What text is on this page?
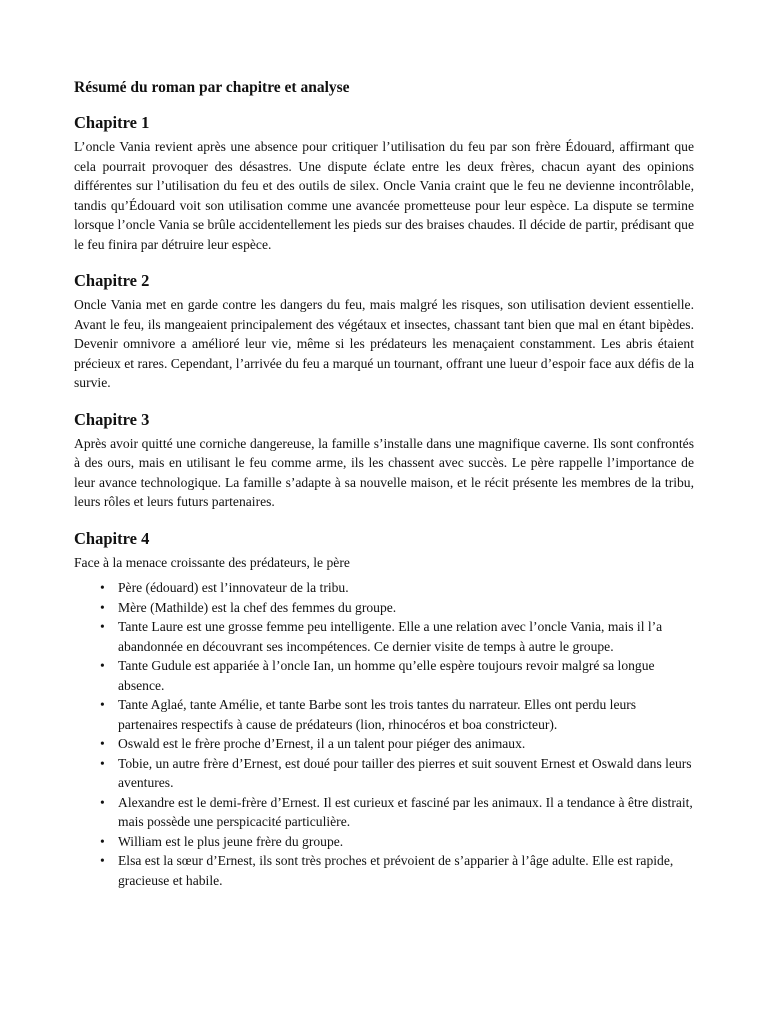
Résumé du roman par chapitre et analyse
Chapitre 1

L’oncle Vania revient après une absence pour critiquer l’utilisation du feu par son frère Édouard, affirmant que cela pourrait provoquer des désastres. Une dispute éclate entre les deux frères, chacun ayant des opinions différentes sur l’utilisation du feu et des outils de silex. Oncle Vania craint que le feu ne devienne incontrôlable, tandis qu’Édouard voit son utilisation comme une avancée prometteuse pour leur espèce. La dispute se termine lorsque l’oncle Vania se brûle accidentellement les pieds sur des braises chaudes. Il décide de partir, prédisant que le feu finira par détruire leur espèce.

Chapitre 2

Oncle Vania met en garde contre les dangers du feu, mais malgré les risques, son utilisation devient essentielle. Avant le feu, ils mangeaient principalement des végétaux et insectes, chassant tant bien que mal en étant bipèdes. Devenir omnivore a amélioré leur vie, même si les prédateurs les menaçaient constamment. Les abris étaient précieux et rares. Cependant, l’arrivée du feu a marqué un tournant, offrant une lueur d’espoir face aux défis de la survie.

Chapitre 3

Après avoir quitté une corniche dangereuse, la famille s’installe dans une magnifique caverne. Ils sont confrontés à des ours, mais en utilisant le feu comme arme, ils les chassent avec succès. Le père rappelle l’importance de leur avance technologique. La famille s’adapte à sa nouvelle maison, et le récit présente les membres de la tribu, leurs rôles et leurs futurs partenaires.

Chapitre 4

Face à la menace croissante des prédateurs, le père

• Père (édouard) est l’innovateur de la tribu.
• Mère (Mathilde) est la chef des femmes du groupe.
• Tante Laure est une grosse femme peu intelligente. Elle a une relation avec l’oncle Vania, mais il l’a abandonnée en découvrant ses incompétences. Ce dernier visite de temps à autre le groupe.
• Tante Gudule est appariée à l’oncle Ian, un homme qu’elle espère toujours revoir malgré sa longue absence.
• Tante Aglaé, tante Amélie, et tante Barbe sont les trois tantes du narrateur. Elles ont perdu leurs partenaires respectifs à cause de prédateurs (lion, rhinocéros et boa constricteur).
• Oswald est le frère proche d’Ernest, il a un talent pour piéger des animaux.
• Tobie, un autre frère d’Ernest, est doué pour tailler des pierres et suit souvent Ernest et Oswald dans leurs aventures.
• Alexandre est le demi-frère d’Ernest. Il est curieux et fasciné par les animaux. Il a tendance à être distrait, mais possède une perspicacité particulière.
• William est le plus jeune frère du groupe.
• Elsa est la sœur d’Ernest, ils sont très proches et prévoient de s’apparier à l’âge adulte. Elle est rapide, gracieuse et habile.
